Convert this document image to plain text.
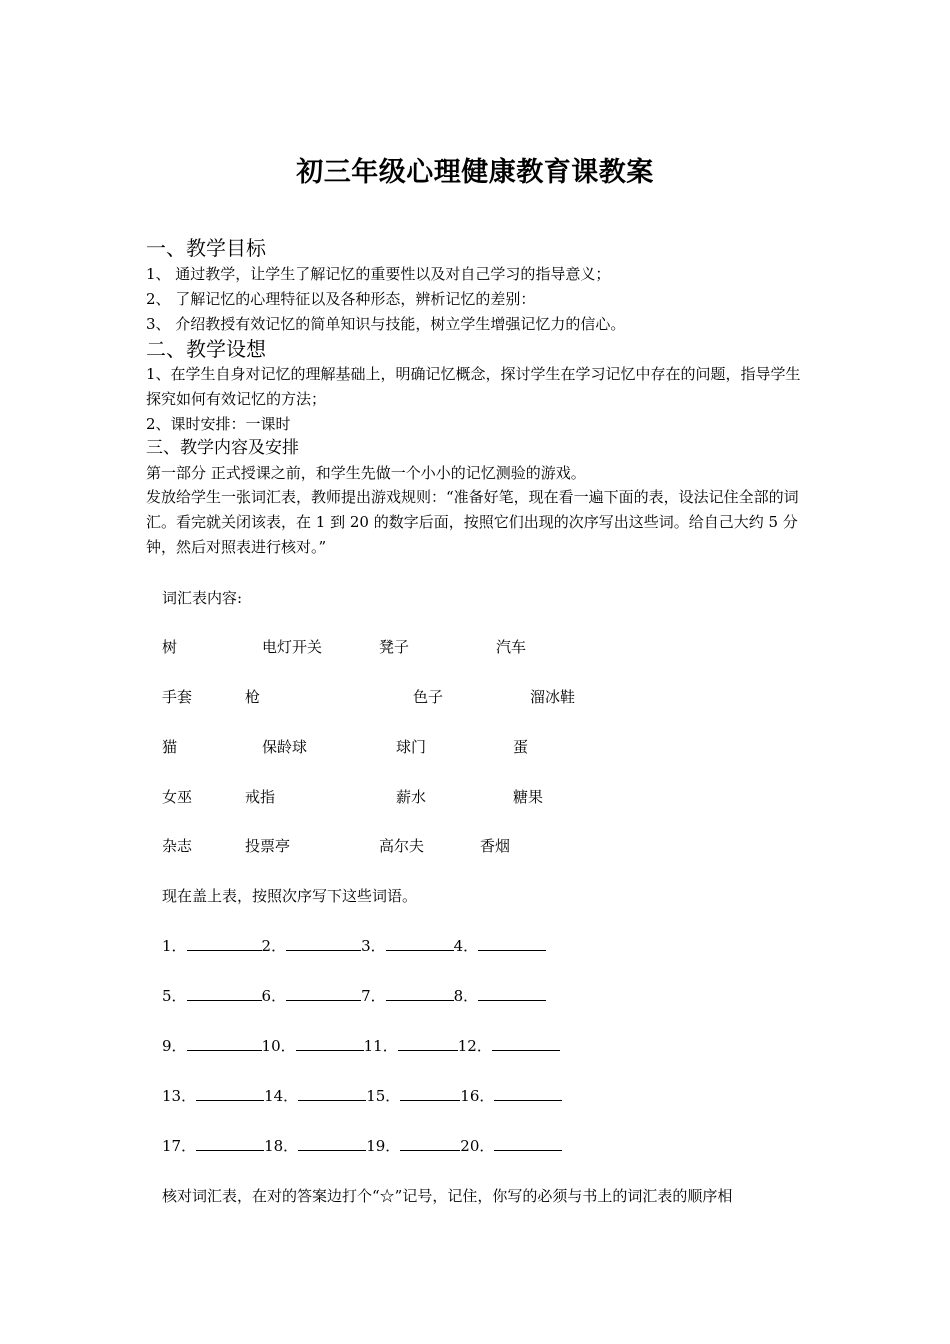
初三年级心理健康教育课教案
一、教学目标
1、 通过教学，让学生了解记忆的重要性以及对自己学习的指导意义；
2、 了解记忆的心理特征以及各种形态，辨析记忆的差别：
3、 介绍教授有效记忆的简单知识与技能，树立学生增强记忆力的信心。
二、教学设想
1、在学生自身对记忆的理解基础上，明确记忆概念，探讨学生在学习记忆中存在的问题，指导学生探究如何有效记忆的方法；
2、课时安排：一课时
三、教学内容及安排
第一部分 正式授课之前，和学生先做一个小小的记忆测验的游戏。
发放给学生一张词汇表，教师提出游戏规则：“准备好笔，现在看一遍下面的表，设法记住全部的词汇。看完就关闭该表，在 1 到 20 的数字后面，按照它们出现的次序写出这些词。给自己大约 5 分钟，然后对照表进行核对。”
词汇表内容:
树	电灯开关	凳子	汽车
手套	枪	色子	溜冰鞋
猫	保龄球	球门	蛋
女巫	戒指	薪水	糖果
杂志	投票亭	高尔夫	香烟
现在盖上表，按照次序写下这些词语。
1．	2．	3．	4．
5．	6．	7．	8．
9．	10．	11．	12．
13．	14．	15．	16．
17．	18．	19．	20．
核对词汇表，在对的答案边打个“☆”记号，记住，你写的必须与书上的词汇表的顺序相
